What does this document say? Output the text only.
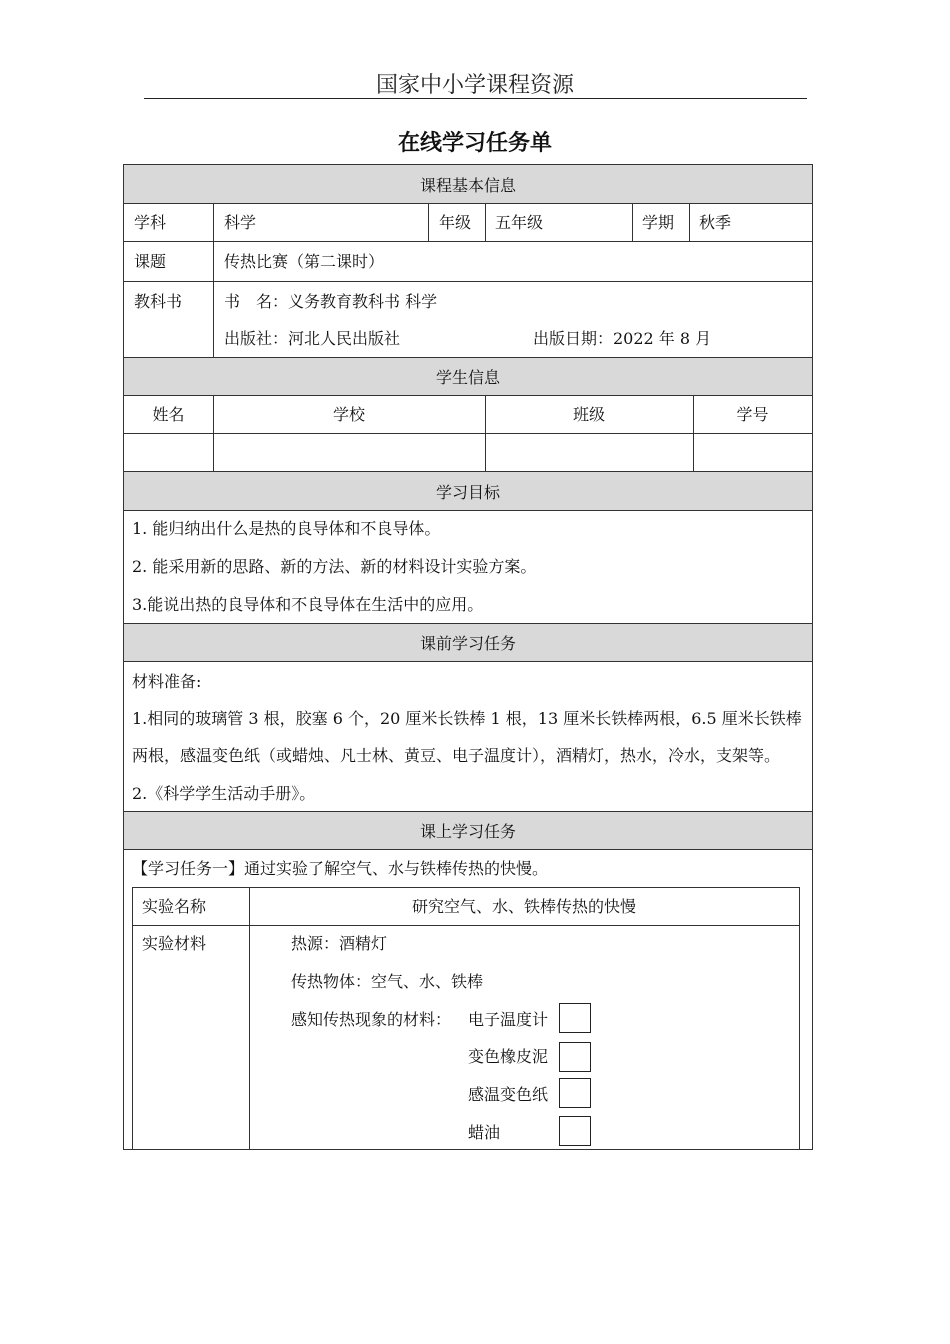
国家中小学课程资源
在线学习任务单
课程基本信息
学科	科学	年级 五年级	学期 秋季
课题	传热比赛（第二课时）
教科书	书　名：义务教育教科书 科学
出版社：河北人民出版社	出版日期：2022 年 8 月
学生信息
姓名	学校	班级	学号
学习目标
1. 能归纳出什么是热的良导体和不良导体。
2. 能采用新的思路、新的方法、新的材料设计实验方案。
3.能说出热的良导体和不良导体在生活中的应用。
课前学习任务
材料准备:
1.相同的玻璃管 3 根，胶塞 6 个，20 厘米长铁棒 1 根，13 厘米长铁棒两根，6.5 厘米长铁棒
两根，感温变色纸（或蜡烛、凡士林、黄豆、电子温度计），酒精灯，热水，冷水，支架等。
2.《科学学生活动手册》。
课上学习任务
【学习任务一】通过实验了解空气、水与铁棒传热的快慢。
实验名称	研究空气、水、铁棒传热的快慢
实验材料	热源：酒精灯
传热物体：空气、水、铁棒
感知传热现象的材料： 电子温度计
变色橡皮泥
感温变色纸
蜡油
